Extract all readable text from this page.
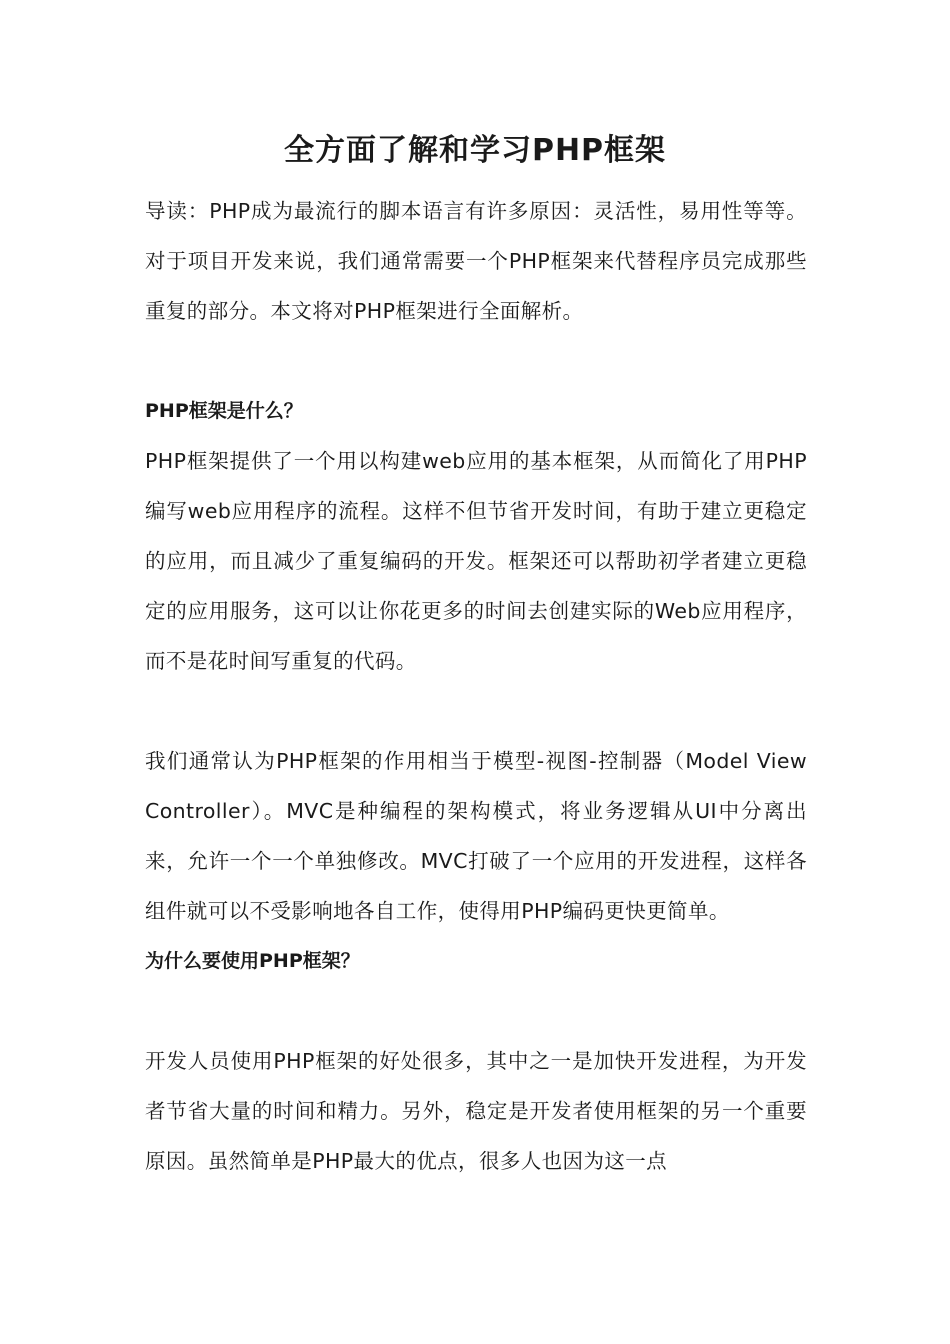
全方面了解和学习PHP框架

导读：PHP成为最流行的脚本语言有许多原因：灵活性，易用性等等。对于项目开发来说，我们通常需要一个PHP框架来代替程序员完成那些重复的部分。本文将对PHP框架进行全面解析。

PHP框架是什么？

PHP框架提供了一个用以构建web应用的基本框架，从而简化了用PHP编写web应用程序的流程。这样不但节省开发时间，有助于建立更稳定的应用，而且减少了重复编码的开发。框架还可以帮助初学者建立更稳定的应用服务，这可以让你花更多的时间去创建实际的Web应用程序，而不是花时间写重复的代码。

我们通常认为PHP框架的作用相当于模型-视图-控制器（Model View Controller）。MVC是种编程的架构模式，将业务逻辑从UI中分离出来，允许一个一个单独修改。MVC打破了一个应用的开发进程，这样各组件就可以不受影响地各自工作，使得用PHP编码更快更简单。

为什么要使用PHP框架？

开发人员使用PHP框架的好处很多，其中之一是加快开发进程，为开发者节省大量的时间和精力。另外，稳定是开发者使用框架的另一个重要原因。虽然简单是PHP最大的优点，很多人也因为这一点
